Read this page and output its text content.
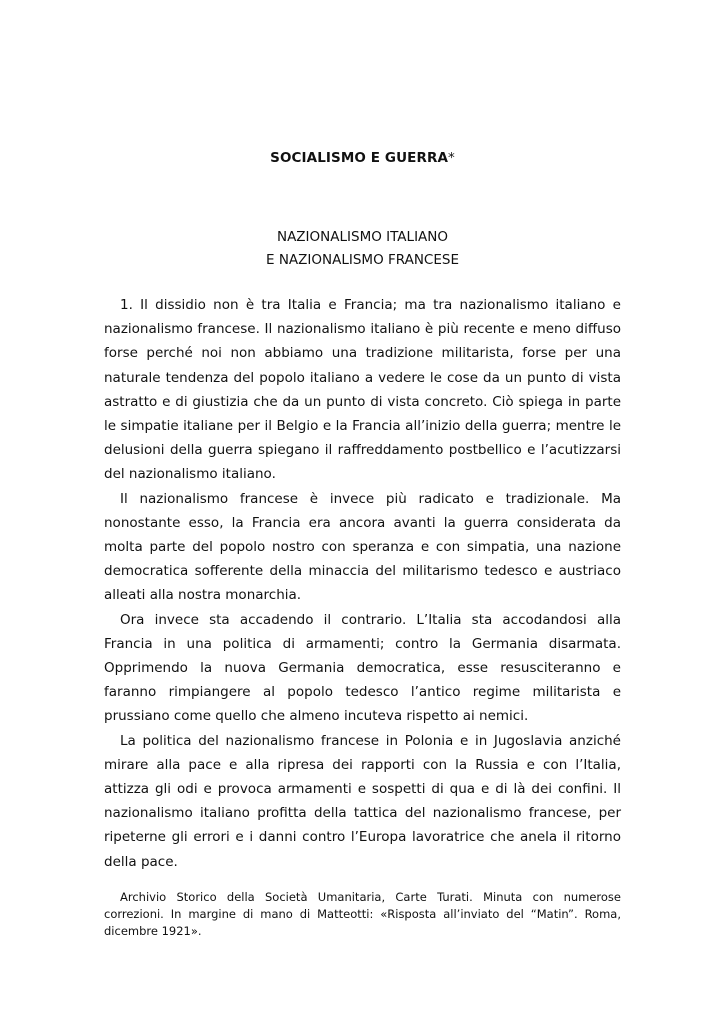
SOCIALISMO E GUERRA*
NAZIONALISMO ITALIANO
E NAZIONALISMO FRANCESE

1. Il dissidio non è tra Italia e Francia; ma tra nazionalismo italiano e nazionalismo francese. Il nazionalismo italiano è più recente e meno diffuso forse perché noi non abbiamo una tradizione militarista, forse per una naturale tendenza del popolo italiano a vedere le cose da un punto di vista astratto e di giustizia che da un punto di vista concreto. Ciò spiega in parte le simpatie italiane per il Belgio e la Francia all’inizio della guerra; mentre le delusioni della guerra spiegano il raffreddamento postbellico e l’acutizzarsi del nazionalismo italiano.

Il nazionalismo francese è invece più radicato e tradizionale. Ma nonostante esso, la Francia era ancora avanti la guerra considerata da molta parte del popolo nostro con speranza e con simpatia, una nazione democratica sofferente della minaccia del militarismo tedesco e austriaco alleati alla nostra monarchia.

Ora invece sta accadendo il contrario. L’Italia sta accodandosi alla Francia in una politica di armamenti; contro la Germania disarmata. Opprimendo la nuova Germania democratica, esse resusciteranno e faranno rimpiangere al popolo tedesco l’antico regime militarista e prussiano come quello che almeno incuteva rispetto ai nemici.

La politica del nazionalismo francese in Polonia e in Jugoslavia anziché mirare alla pace e alla ripresa dei rapporti con la Russia e con l’Italia, attizza gli odi e provoca armamenti e sospetti di qua e di là dei confini. Il nazionalismo italiano profitta della tattica del nazionalismo francese, per ripeterne gli errori e i danni contro l’Europa lavoratrice che anela il ritorno della pace.

Archivio Storico della Società Umanitaria, Carte Turati. Minuta con numerose correzioni. In margine di mano di Matteotti: «Risposta all’inviato del “Matin”. Roma, dicembre 1921».
